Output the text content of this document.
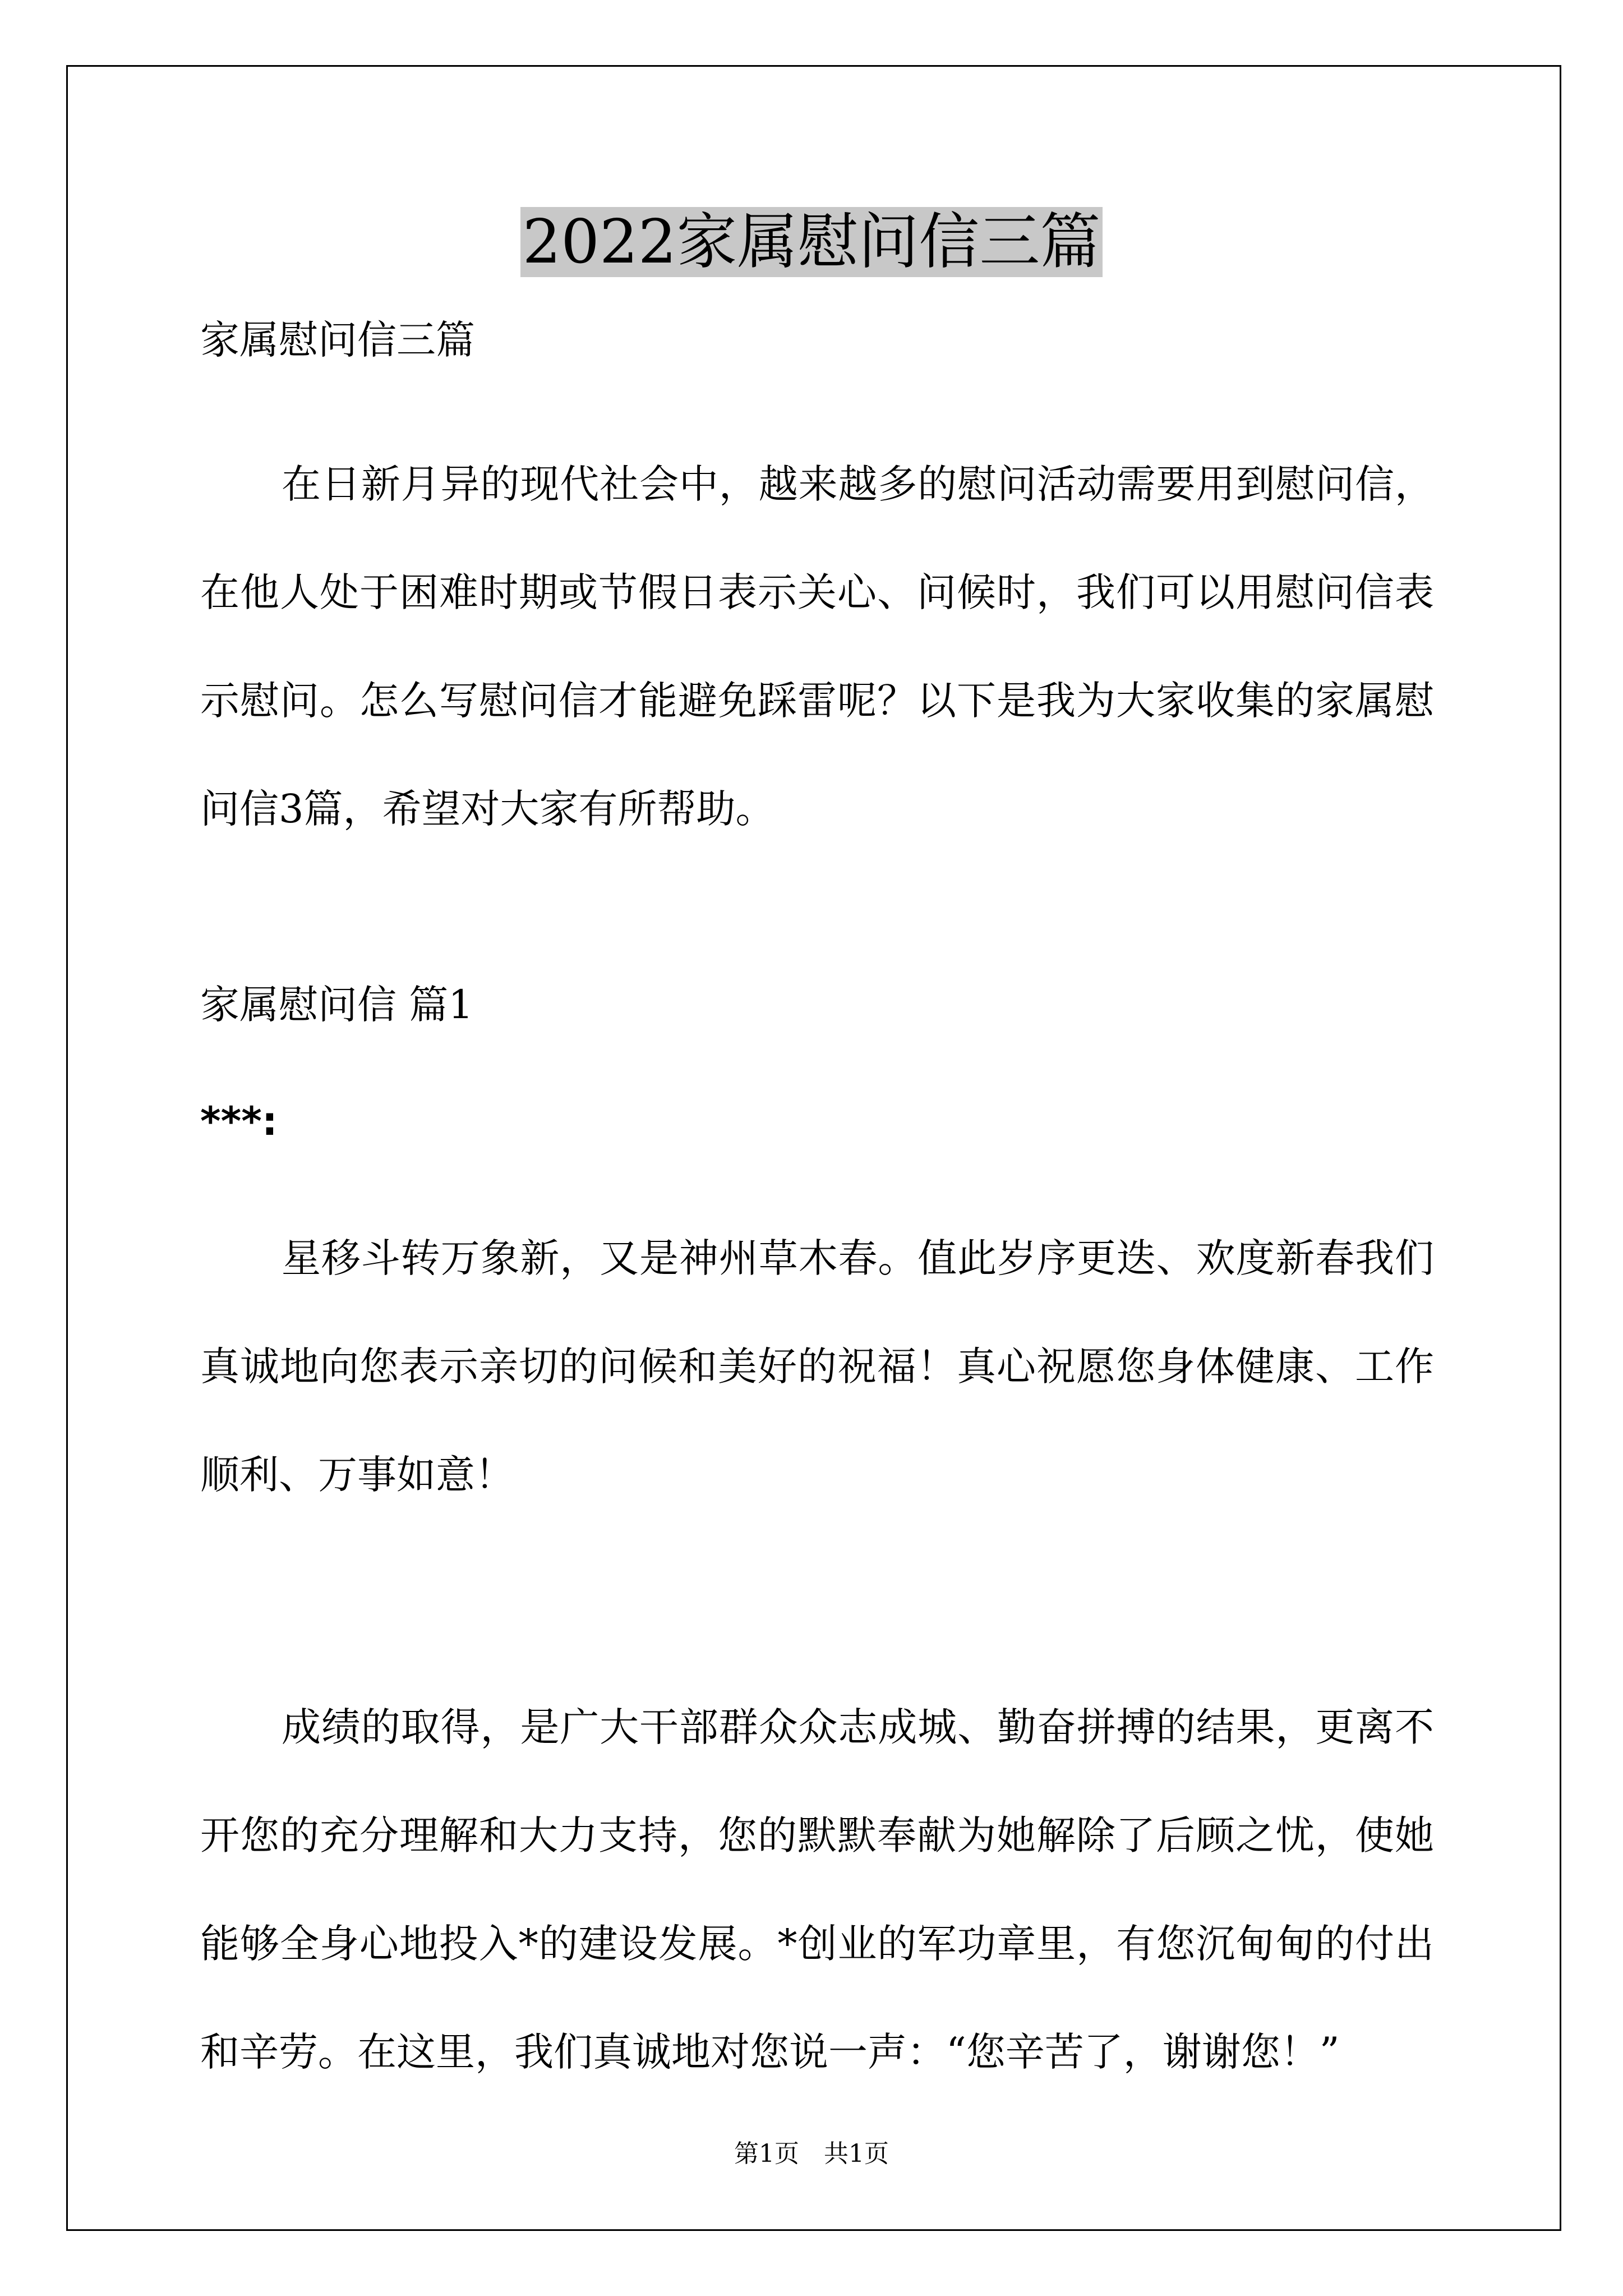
2022家属慰问信三篇
家属慰问信三篇
在日新月异的现代社会中，越来越多的慰问活动需要用到慰问信，在他人处于困难时期或节假日表示关心、问候时，我们可以用慰问信表示慰问。怎么写慰问信才能避免踩雷呢？以下是我为大家收集的家属慰问信3篇，希望对大家有所帮助。
家属慰问信 篇1
***:
星移斗转万象新，又是神州草木春。值此岁序更迭、欢度新春我们真诚地向您表示亲切的问候和美好的祝福！真心祝愿您身体健康、工作顺利、万事如意！
成绩的取得，是广大干部群众众志成城、勤奋拼搏的结果，更离不开您的充分理解和大力支持，您的默默奉献为她解除了后顾之忧，使她能够全身心地投入*的建设发展。*创业的军功章里，有您沉甸甸的付出和辛劳。在这里，我们真诚地对您说一声：“您辛苦了，谢谢您！”
第1页　共1页
